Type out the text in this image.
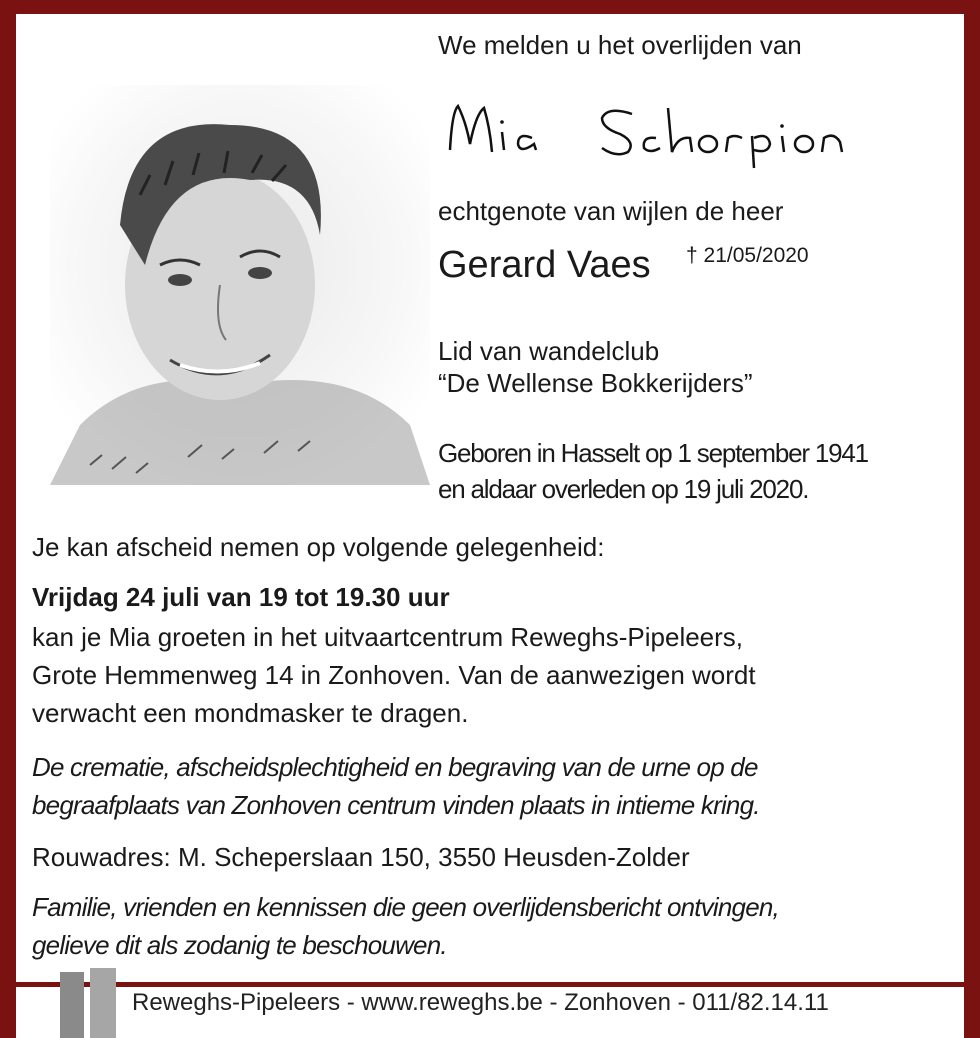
We melden u het overlijden van
echtgenote van wijlen de heer
Gerard Vaes † 21/05/2020
Lid van wandelclub
“De Wellense Bokkerijders”
Geboren in Hasselt op 1 september 1941
en aldaar overleden op 19 juli 2020.
Je kan afscheid nemen op volgende gelegenheid:
Vrijdag 24 juli van 19 tot 19.30 uur
kan je Mia groeten in het uitvaartcentrum Reweghs-Pipeleers,
Grote Hemmenweg 14 in Zonhoven. Van de aanwezigen wordt
verwacht een mondmasker te dragen.
De crematie, afscheidsplechtigheid en begraving van de urne op de
begraafplaats van Zonhoven centrum vinden plaats in intieme kring.
Rouwadres: M. Scheperslaan 150, 3550 Heusden-Zolder
Familie, vrienden en kennissen die geen overlijdensbericht ontvingen,
gelieve dit als zodanig te beschouwen.
Reweghs-Pipeleers - www.reweghs.be - Zonhoven - 011/82.14.11
